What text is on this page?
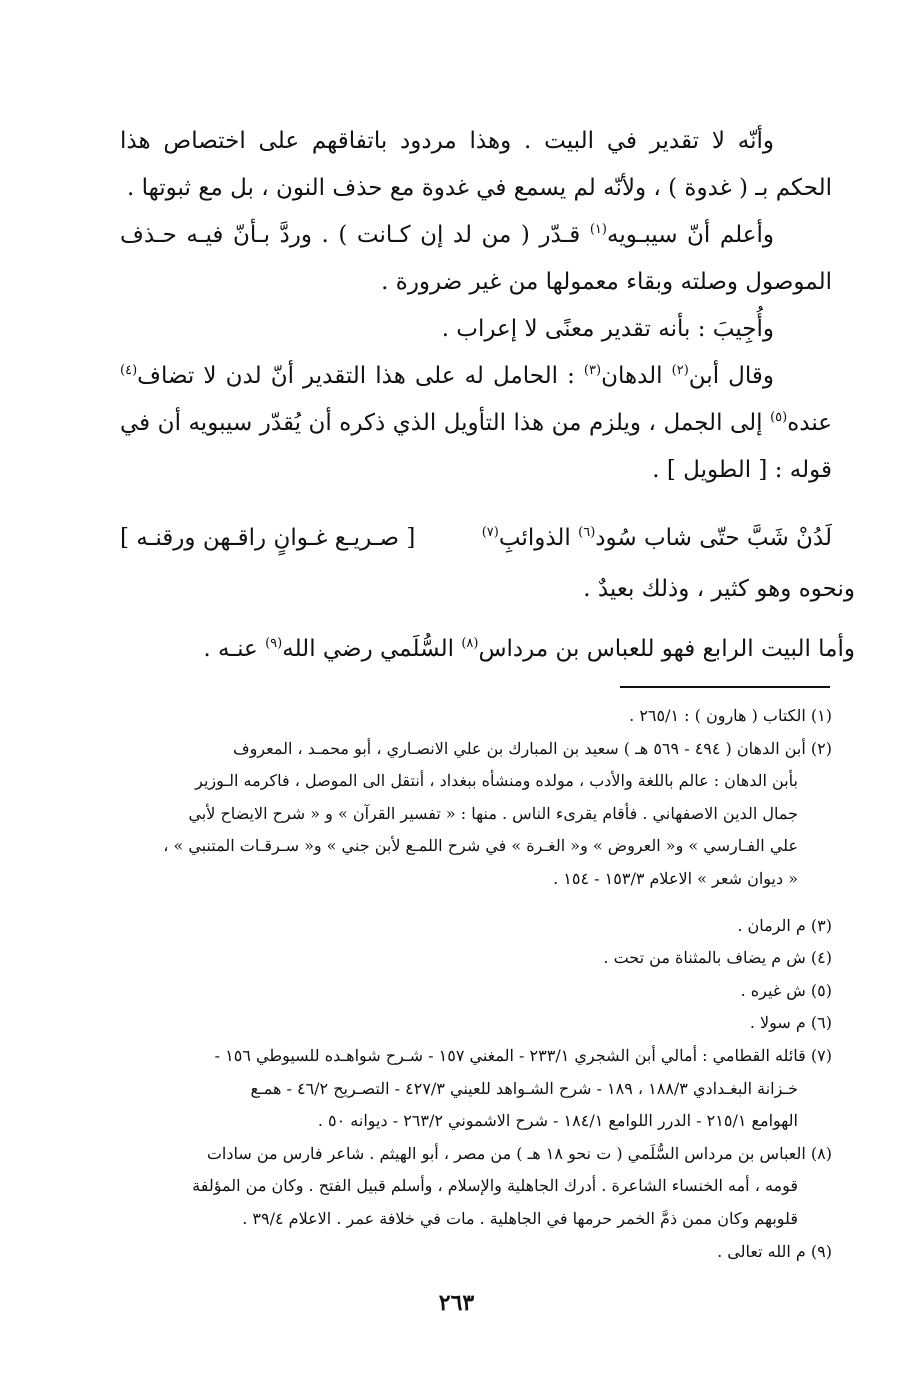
وأنّه لا تقدير في البيت . وهذا مردود باتفاقهم على اختصاص هذا الحكم بـ ( غدوة ) ، ولأنّه لم يسمع في غدوة مع حذف النون ، بل مع ثبوتها .

وأعلم أنّ سيبـويه$^{(١)}$ قـدّر ( من لد إن كـانت ) . وردَّ بـأنّ فيـه حـذف الموصول وصلته وبقاء معمولها من غير ضرورة .

وأُجِيبَ : بأنه تقدير معنًى لا إعراب .

وقال أبن$^{(٢)}$ الدهان$^{(٣)}$ : الحامل له على هذا التقدير أنّ لدن لا تضاف$^{(٤)}$ عنده$^{(٥)}$ إلى الجمل ، ويلزم من هذا التأويل الذي ذكره أن يُقدّر سيبويه أن في قوله : [ الطويل ] .

لَدُنْ شَبَّ حتّى شاب سُود$^{(٦)}$ الذوائبِ$^{(٧)}$
[ صـريـع غـوانٍ راقـهن ورقنـه ]
ونحوه وهو كثير ، وذلك بعيدٌ .
وأما البيت الرابع فهو للعباس بن مرداس$^{(٨)}$ السُّلَمي رضي الله$^{(٩)}$ عنـه .

(١) الكتاب ( هارون ) : ٢٦٥/١ .

(٢) أبن الدهان ( ٤٩٤ - ٥٦٩ هـ ) سعيد بن المبارك بن علي الانصـاري ، أبو محمـد ، المعروف

بأبن الدهان : عالم باللغة والأدب ، مولده ومنشأه ببغداد ، أنتقل الى الموصل ، فاكرمه الـوزير

جمال الدين الاصفهاني . فأقام يقرىء الناس . منها : « تفسير القرآن » و « شرح الايضاح لأبي

علي الفـارسي » و« العروض » و« الغـرة » في شرح اللمـع لأبن جني » و« سـرقـات المتنبي » ،

« ديوان شعر » الاعلام ١٥٣/٣ - ١٥٤ .

(٣) م الرمان .

(٤) ش م يضاف بالمثناة من تحت .

(٥) ش غيره .

(٦) م سولا .

(٧) قائله القطامي : أمالي أبن الشجري ٢٣٣/١ - المغني ١٥٧ - شـرح شواهـده للسيوطي ١٥٦ -

خـزانة البغـدادي ١٨٨/٣ ، ١٨٩ - شرح الشـواهد للعيني ٤٢٧/٣ - التصـريح ٤٦/٢ - همـع

الهوامع ٢١٥/١ - الدرر اللوامع ١٨٤/١ - شرح الاشموني ٢٦٣/٢ - ديوانه ٥٠ .

(٨) العباس بن مرداس السُّلَمي ( ت نحو ١٨ هـ ) من مصر ، أبو الهيثم . شاعر فارس من سادات

قومه ، أمه الخنساء الشاعرة . أدرك الجاهلية والإسلام ، وأسلم قبيل الفتح . وكان من المؤلفة

قلوبهم وكان ممن ذمَّ الخمر حرمها في الجاهلية . مات في خلافة عمر . الاعلام ٣٩/٤ .

(٩) م الله تعالى .

٢٦٣
